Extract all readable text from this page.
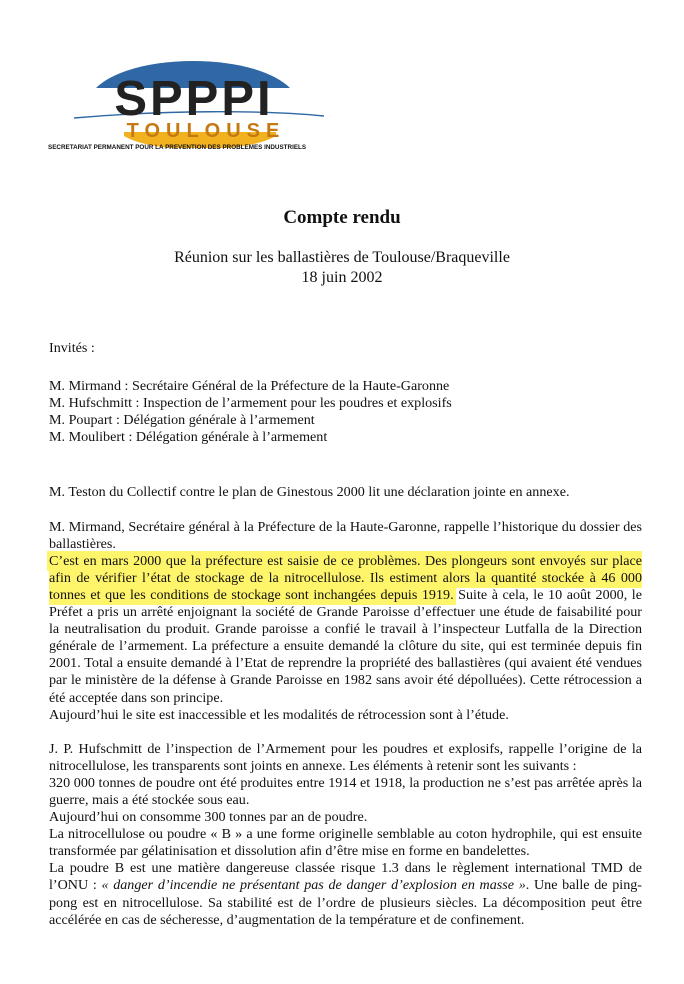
SPPPI
TOULOUSE
SECRETARIAT PERMANENT POUR LA PREVENTION DES PROBLEMES INDUSTRIELS
Compte rendu
Réunion sur les ballastières de Toulouse/Braqueville
18 juin 2002

Invités :

M. Mirmand : Secrétaire Général de la Préfecture de la Haute-Garonne

M. Hufschmitt : Inspection de l’armement pour les poudres et explosifs

M. Poupart : Délégation générale à l’armement

M. Moulibert : Délégation générale à l’armement

M. Teston du Collectif contre le plan de Ginestous 2000 lit une déclaration jointe en annexe.

M. Mirmand, Secrétaire général à la Préfecture de la Haute-Garonne, rappelle l’historique du dossier des ballastières.

C’est en mars 2000 que la préfecture est saisie de ce problèmes. Des plongeurs sont envoyés sur place afin de vérifier l’état de stockage de la nitrocellulose. Ils estiment alors la quantité stockée à 46 000 tonnes et que les conditions de stockage sont inchangées depuis 1919. Suite à cela, le 10 août 2000, le Préfet a pris un arrêté enjoignant la société de Grande Paroisse d’effectuer une étude de faisabilité pour la neutralisation du produit. Grande paroisse a confié le travail à l’inspecteur Lutfalla de la Direction générale de l’armement. La préfecture a ensuite demandé la clôture du site, qui est terminée depuis fin 2001. Total a ensuite demandé à l’Etat de reprendre la propriété des ballastières (qui avaient été vendues par le ministère de la défense à Grande Paroisse en 1982 sans avoir été dépolluées). Cette rétrocession a été acceptée dans son principe.

Aujourd’hui le site est inaccessible et les modalités de rétrocession sont à l’étude.

J. P. Hufschmitt de l’inspection de l’Armement pour les poudres et explosifs, rappelle l’origine de la nitrocellulose, les transparents sont joints en annexe. Les éléments à retenir sont les suivants :

320 000 tonnes de poudre ont été produites entre 1914 et 1918, la production ne s’est pas arrêtée après la guerre, mais a été stockée sous eau.

Aujourd’hui on consomme 300 tonnes par an de poudre.

La nitrocellulose ou poudre « B » a une forme originelle semblable au coton hydrophile, qui est ensuite transformée par gélatinisation et dissolution afin d’être mise en forme en bandelettes.

La poudre B est une matière dangereuse classée risque 1.3 dans le règlement international TMD de l’ONU : « danger d’incendie ne présentant pas de danger d’explosion en masse ». Une balle de ping-pong est en nitrocellulose. Sa stabilité est de l’ordre de plusieurs siècles. La décomposition peut être accélérée en cas de sécheresse, d’augmentation de la température et de confinement.
